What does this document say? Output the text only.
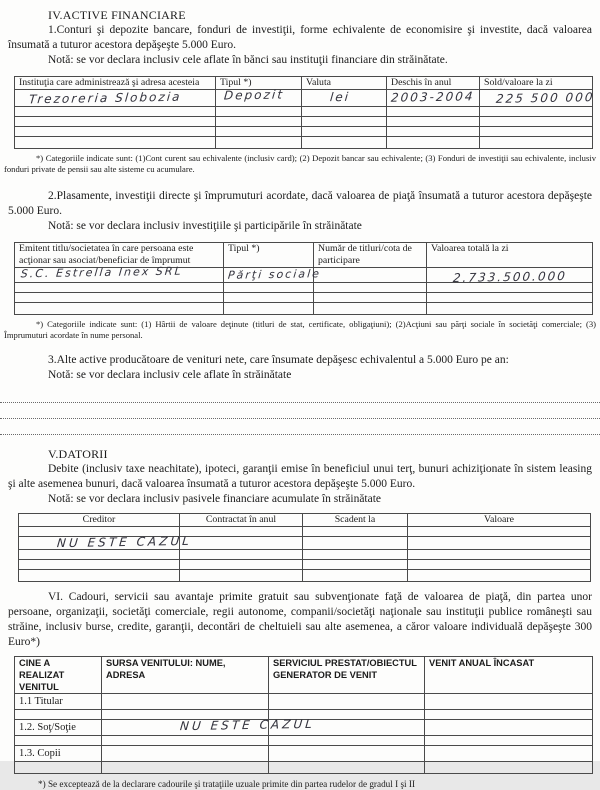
IV.ACTIVE FINANCIARE

1.Conturi şi depozite bancare, fonduri de investiţii, forme echivalente de economisire şi investite, dacă valoarea însumată a tuturor acestora depăşeşte 5.000 Euro.

Notă: se vor declara inclusiv cele aflate în bănci sau instituţii financiare din străinătate.

Instituţia care administrează şi adresa acesteia	Tipul *)	Valuta	Deschis în anul	Sold/valoare la zi

Trezoreria Slobozia	Depozit	lei	2003-2004	225 500 000

*) Categoriile indicate sunt: (1)Cont curent sau echivalente (inclusiv card); (2) Depozit bancar sau echivalente; (3) Fonduri de investiţii sau echivalente, inclusiv fonduri private de pensii sau alte sisteme cu acumulare.

2.Plasamente, investiţii directe şi împrumuturi acordate, dacă valoarea de piaţă însumată a tuturor acestora depăşeşte 5.000 Euro.

Notă: se vor declara inclusiv investiţiile şi participările în străinătate

Emitent titlu/societatea în care persoana este acţionar sau asociat/beneficiar de împrumut	Tipul *)	Număr de titluri/cota de participare	Valoarea totală la zi

S.C. Estrella Inex SRL	Părţi sociale		2.733.500.000

*) Categoriile indicate sunt: (1) Hârtii de valoare deţinute (titluri de stat, certificate, obligaţiuni); (2)Acţiuni sau părţi sociale în societăţi comerciale; (3) Împrumuturi acordate în nume personal.

3.Alte active producătoare de venituri nete, care însumate depăşesc echivalentul a 5.000 Euro pe an:

Notă: se vor declara inclusiv cele aflate în străinătate

V.DATORII

Debite (inclusiv taxe neachitate), ipoteci, garanţii emise în beneficiul unui terţ, bunuri achiziţionate în sistem leasing şi alte asemenea bunuri, dacă valoarea însumată a tuturor acestora depăşeşte 5.000 Euro.

Notă: se vor declara inclusiv pasivele financiare acumulate în străinătate

Creditor	Contractat în anul	Scadent la	Valoare

NU ESTE CAZUL			

VI. Cadouri, servicii sau avantaje primite gratuit sau subvenţionate faţă de valoarea de piaţă, din partea unor persoane, organizaţii, societăţi comerciale, regii autonome, companii/societăţi naţionale sau instituţii publice româneşti sau străine, inclusiv burse, credite, garanţii, decontări de cheltuieli sau alte asemenea, a căror valoare individuală depăşeşte 300 Euro*)

CINE A REALIZAT VENITUL	SURSA VENITULUI: NUME, ADRESA	SERVICIUL PRESTAT/OBIECTUL GENERATOR DE VENIT	VENIT ANUAL ÎNCASAT
1.1 Titular			

1.2. Soţ/Soţie	NU ESTE CAZUL		

1.3. Copii			

*) Se exceptează de la declarare cadourile şi trataţiile uzuale primite din partea rudelor de gradul I şi II
